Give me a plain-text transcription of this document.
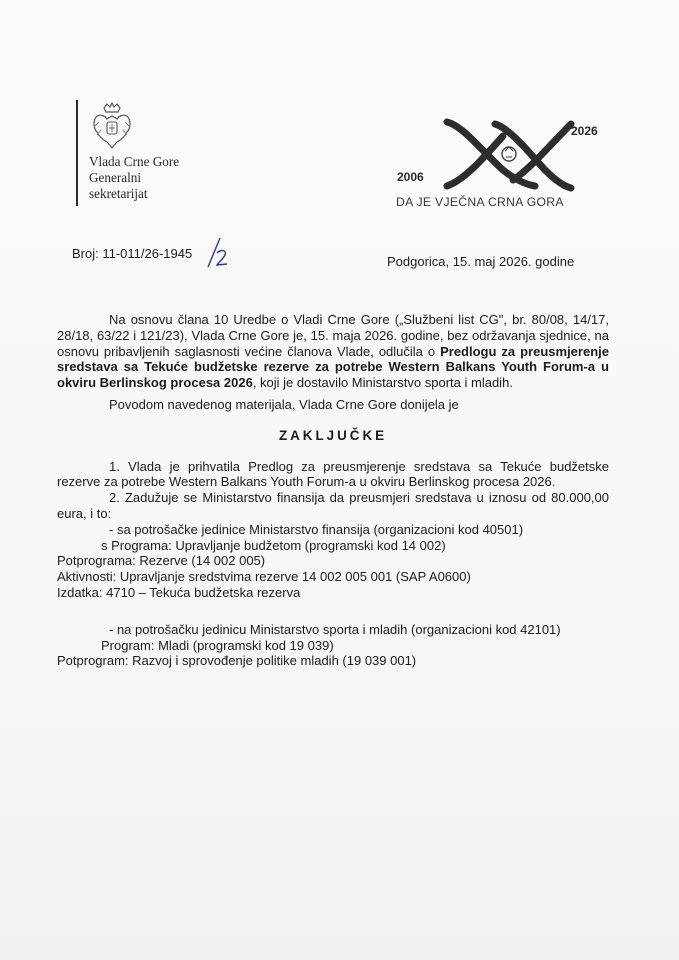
Vlada Crne Gore
Generalni
sekretarijat
2006
2026
DA JE VJEČNA CRNA GORA
Broj: 11-011/26-1945
Podgorica, 15. maj 2026. godine

Na osnovu člana 10 Uredbe o Vladi Crne Gore („Službeni list CG", br. 80/08, 14/17, 28/18, 63/22 i 121/23), Vlada Crne Gore je, 15. maja 2026. godine, bez održavanja sjednice, na osnovu pribavljenih saglasnosti većine članova Vlade, odlučila o Predlogu za preusmjerenje sredstava sa Tekuće budžetske rezerve za potrebe Western Balkans Youth Forum-a u okviru Berlinskog procesa 2026, koji je dostavilo Ministarstvo sporta i mladih.

Povodom navedenog materijala, Vlada Crne Gore donijela je

ZAKLJUČKE

1. Vlada je prihvatila Predlog za preusmjerenje sredstava sa Tekuće budžetske rezerve za potrebe Western Balkans Youth Forum-a u okviru Berlinskog procesa 2026.

2. Zadužuje se Ministarstvo finansija da preusmjeri sredstava u iznosu od 80.000,00 eura, i to:

- sa potrošačke jedinice Ministarstvo finansija (organizacioni kod 40501)

s Programa: Upravljanje budžetom (programski kod 14 002)

Potprograma: Rezerve (14 002 005)

Aktivnosti: Upravljanje sredstvima rezerve 14 002 005 001 (SAP A0600)

Izdatka: 4710 – Tekuća budžetska rezerva

- na potrošačku jedinicu Ministarstvo sporta i mladih (organizacioni kod 42101)

Program: Mladi (programski kod 19 039)

Potprogram: Razvoj i sprovođenje politike mladih (19 039 001)
